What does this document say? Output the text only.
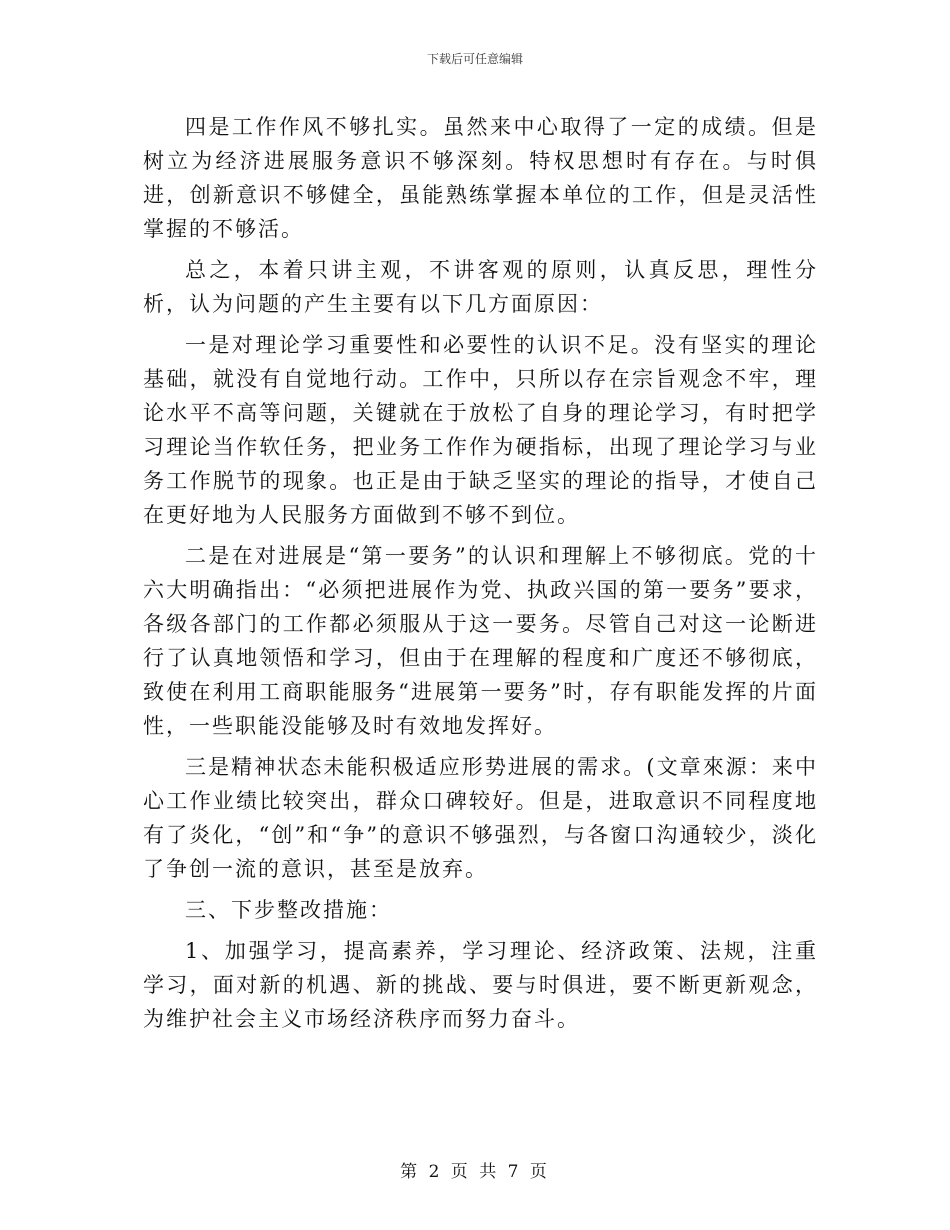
下载后可任意编辑

四是工作作风不够扎实。虽然来中心取得了一定的成绩。但是树立为经济进展服务意识不够深刻。特权思想时有存在。与时俱进，创新意识不够健全，虽能熟练掌握本单位的工作，但是灵活性掌握的不够活。

总之，本着只讲主观，不讲客观的原则，认真反思，理性分析，认为问题的产生主要有以下几方面原因：

一是对理论学习重要性和必要性的认识不足。没有坚实的理论基础，就没有自觉地行动。工作中，只所以存在宗旨观念不牢，理论水平不高等问题，关键就在于放松了自身的理论学习，有时把学习理论当作软任务，把业务工作作为硬指标，出现了理论学习与业务工作脱节的现象。也正是由于缺乏坚实的理论的指导，才使自己在更好地为人民服务方面做到不够不到位。

二是在对进展是“第一要务”的认识和理解上不够彻底。党的十六大明确指出：“必须把进展作为党、执政兴国的第一要务”要求，各级各部门的工作都必须服从于这一要务。尽管自己对这一论断进行了认真地领悟和学习，但由于在理解的程度和广度还不够彻底，致使在利用工商职能服务“进展第一要务”时，存有职能发挥的片面性，一些职能没能够及时有效地发挥好。

三是精神状态未能积极适应形势进展的需求。(文章來源：来中心工作业绩比较突出，群众口碑较好。但是，进取意识不同程度地有了炎化，“创”和“争”的意识不够强烈，与各窗口沟通较少，淡化了争创一流的意识，甚至是放弃。

三、下步整改措施：

1、加强学习，提高素养，学习理论、经济政策、法规，注重学习，面对新的机遇、新的挑战、要与时俱进，要不断更新观念，为维护社会主义市场经济秩序而努力奋斗。

第 2 页 共 7 页
